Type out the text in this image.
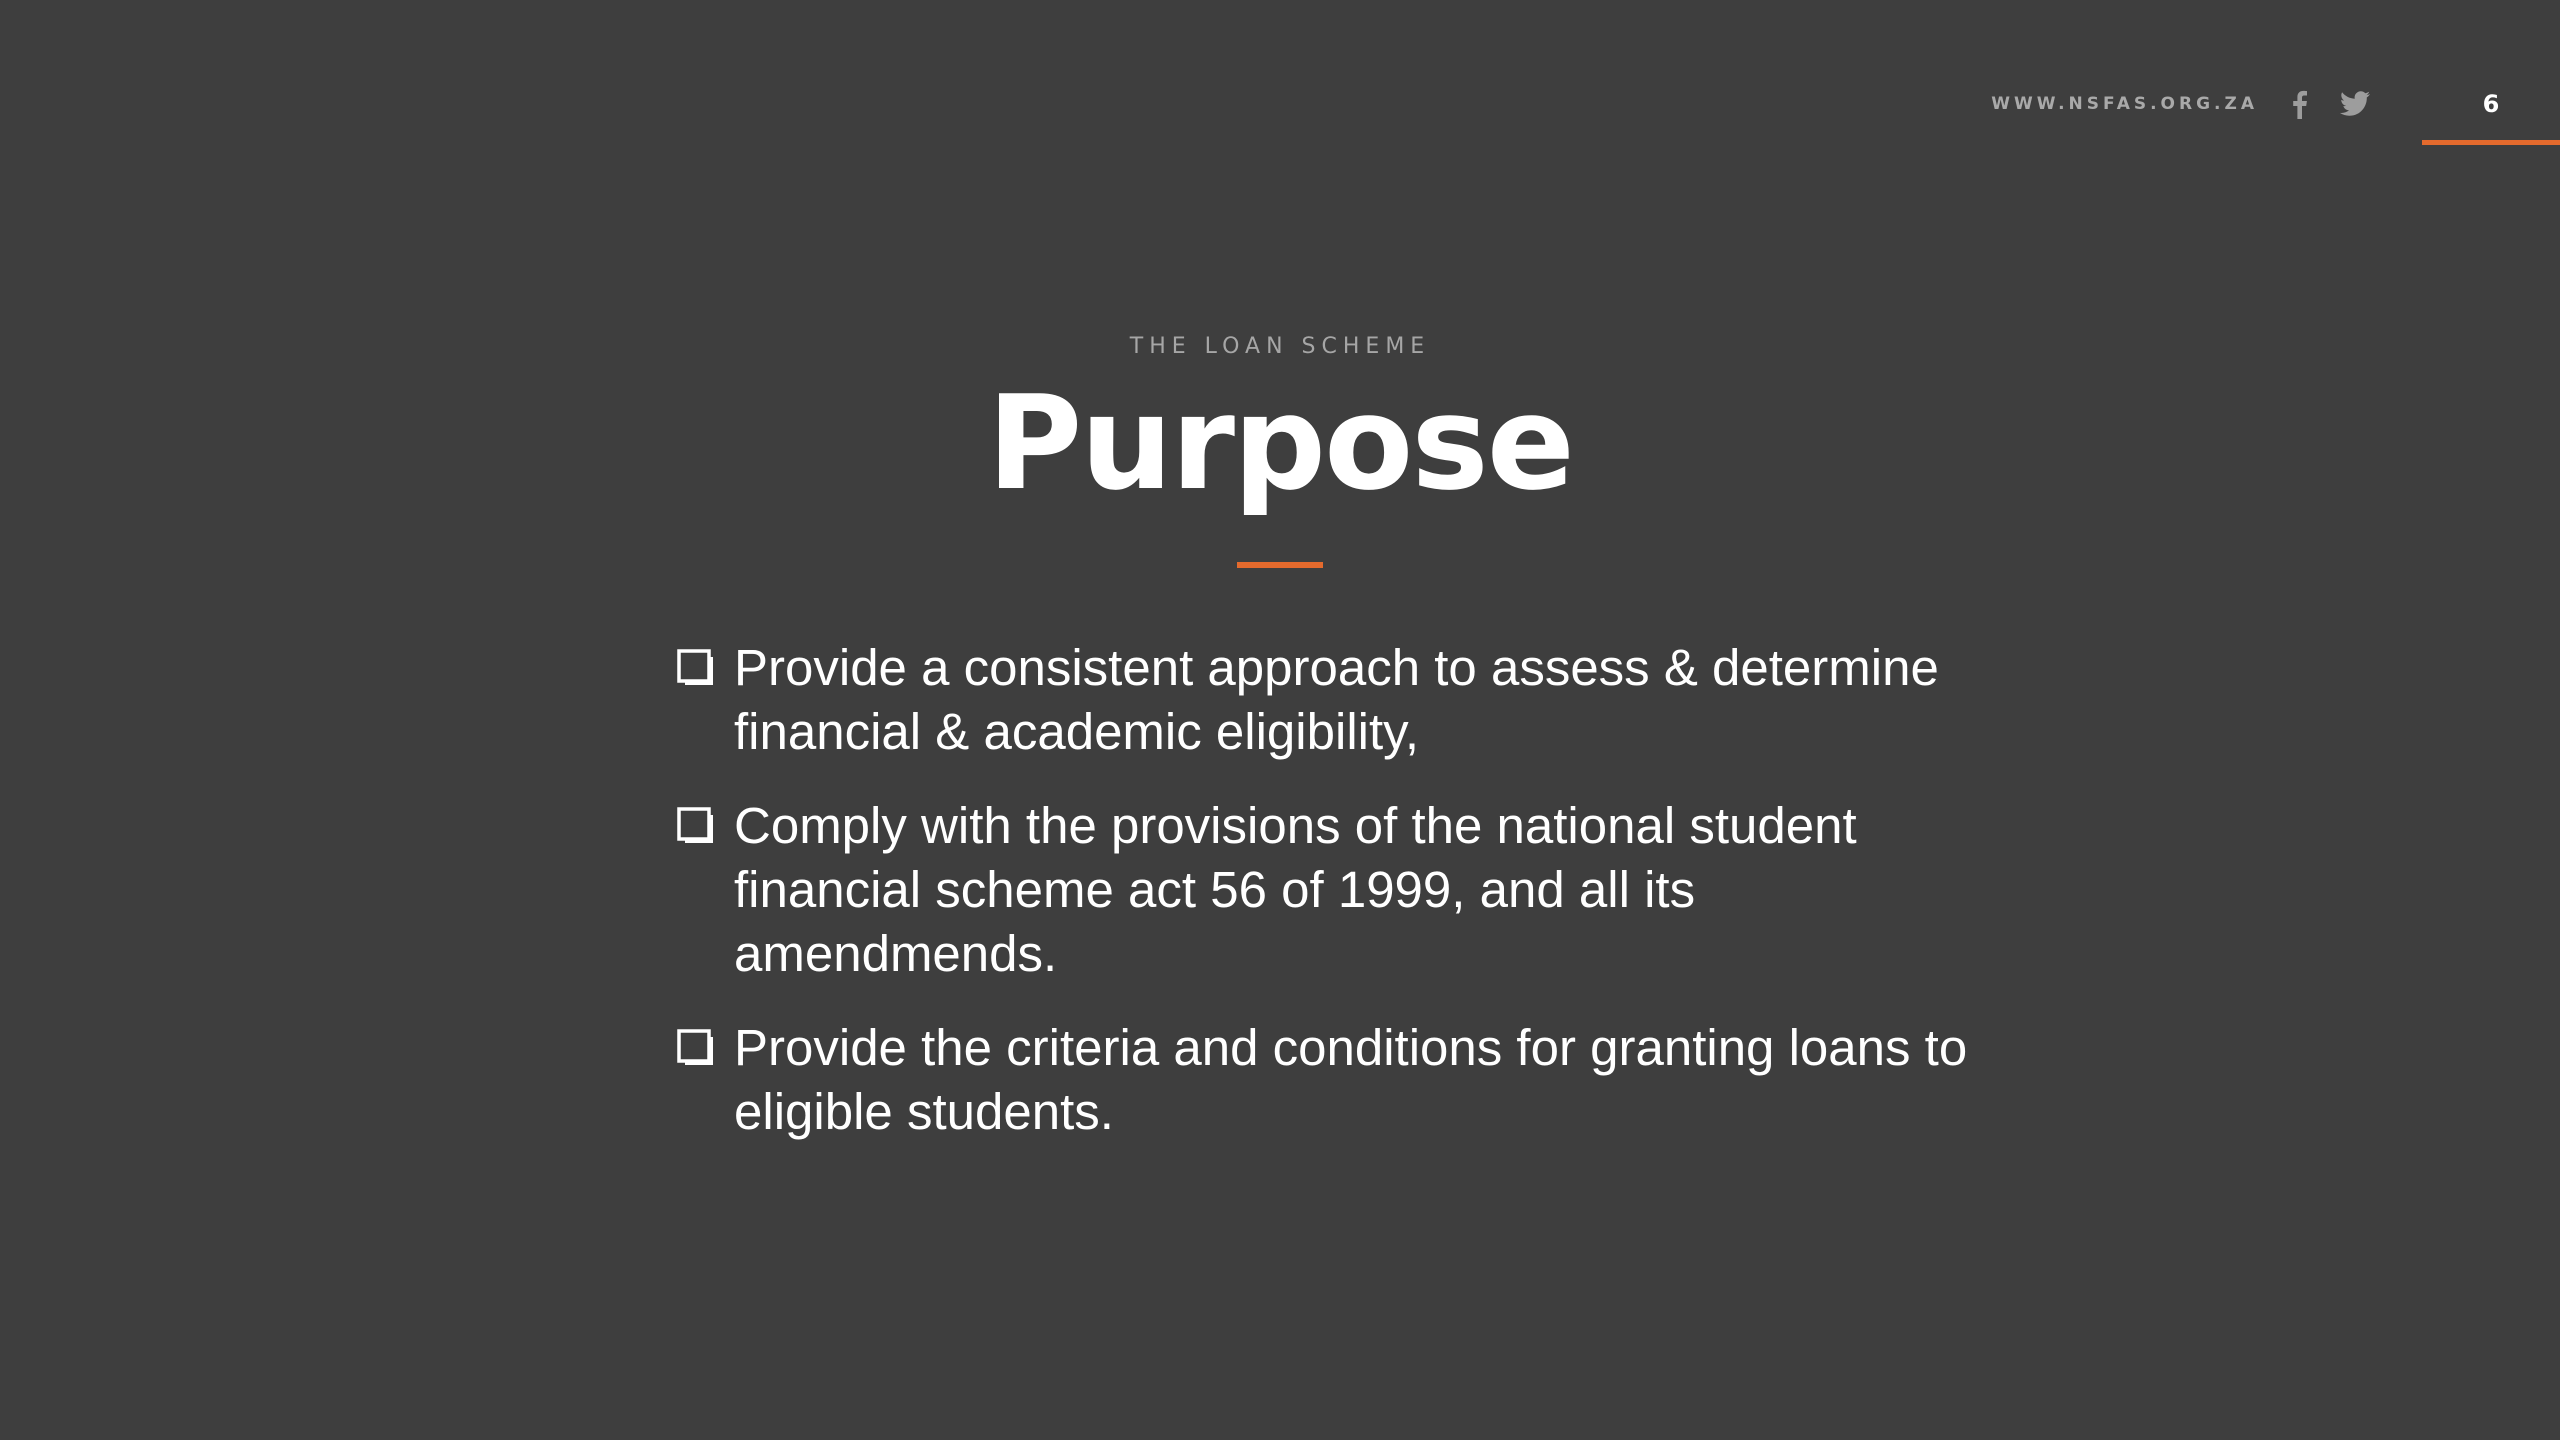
WWW.NSFAS.ORG.ZA	6
THE LOAN SCHEME
Purpose
Provide a consistent approach to assess & determine financial & academic eligibility,
Comply with the provisions of the national student financial scheme act 56 of 1999, and all its amendmends.
Provide the criteria and conditions for granting loans to eligible students.
